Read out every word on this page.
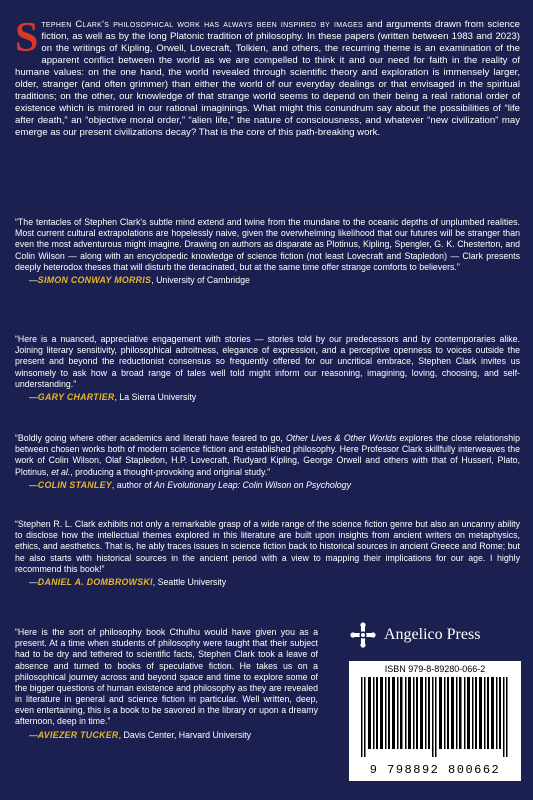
Stephen Clark's philosophical work has always been inspired by images and arguments drawn from science fiction, as well as by the long Platonic tradition of philosophy. In these papers (written between 1983 and 2023) on the writings of Kipling, Orwell, Lovecraft, Tolkien, and others, the recurring theme is an examination of the apparent conflict between the world as we are compelled to think it and our need for faith in the reality of humane values: on the one hand, the world revealed through scientific theory and exploration is immensely larger, older, stranger (and often grimmer) than either the world of our everyday dealings or that envisaged in the spiritual traditions; on the other, our knowledge of that strange world seems to depend on their being a real rational order of existence which is mirrored in our rational imaginings. What might this conundrum say about the possibilities of “life after death,” an “objective moral order,” “alien life,” the nature of consciousness, and whatever “new civilization” may emerge as our present civilizations decay? That is the core of this path-breaking work.
“The tentacles of Stephen Clark's subtle mind extend and twine from the mundane to the oceanic depths of unplumbed realities. Most current cultural extrapolations are hopelessly naive, given the overwhelming likelihood that our futures will be stranger than even the most adventurous might imagine. Drawing on authors as disparate as Plotinus, Kipling, Spengler, G. K. Chesterton, and Colin Wilson — along with an encyclopedic knowledge of science fiction (not least Lovecraft and Stapledon) — Clark presents deeply heterodox theses that will disturb the deracinated, but at the same time offer strange comforts to believers.”
—SIMON CONWAY MORRIS, University of Cambridge
“Here is a nuanced, appreciative engagement with stories — stories told by our predecessors and by contemporaries alike. Joining literary sensitivity, philosophical adroitness, elegance of expression, and a perceptive openness to voices outside the present and beyond the reductionist consensus so frequently offered for our uncritical embrace, Stephen Clark invites us winsomely to ask how a broad range of tales well told might inform our reasoning, imagining, loving, choosing, and self-understanding.”
—GARY CHARTIER, La Sierra University
“Boldly going where other academics and literati have feared to go, Other Lives & Other Worlds explores the close relationship between chosen works both of modern science fiction and established philosophy. Here Professor Clark skillfully interweaves the work of Colin Wilson, Olaf Stapledon, H.P. Lovecraft, Rudyard Kipling, George Orwell and others with that of Husserl, Plato, Plotinus, et al., producing a thought-provoking and original study.”
—COLIN STANLEY, author of An Evolutionary Leap: Colin Wilson on Psychology
“Stephen R. L. Clark exhibits not only a remarkable grasp of a wide range of the science fiction genre but also an uncanny ability to disclose how the intellectual themes explored in this literature are built upon insights from ancient writers on metaphysics, ethics, and aesthetics. That is, he ably traces issues in science fiction back to historical sources in ancient Greece and Rome; but he also starts with historical sources in the ancient period with a view to mapping their implications for our age. I highly recommend this book!”
—DANIEL A. DOMBROWSKI, Seattle University
“Here is the sort of philosophy book Cthulhu would have given you as a present. At a time when students of philosophy were taught that their subject had to be dry and tethered to scientific facts, Stephen Clark took a leave of absence and turned to books of speculative fiction. He takes us on a philosophical journey across and beyond space and time to explore some of the bigger questions of human existence and philosophy as they are revealed in literature in general and science fiction in particular. Well written, deep, even entertaining, this is a book to be savored in the library or upon a dreamy afternoon, deep in time.”
—AVIEZER TUCKER, Davis Center, Harvard University
Angelico Press
ISBN 979-8-89280-066-2
9 798892 800662
